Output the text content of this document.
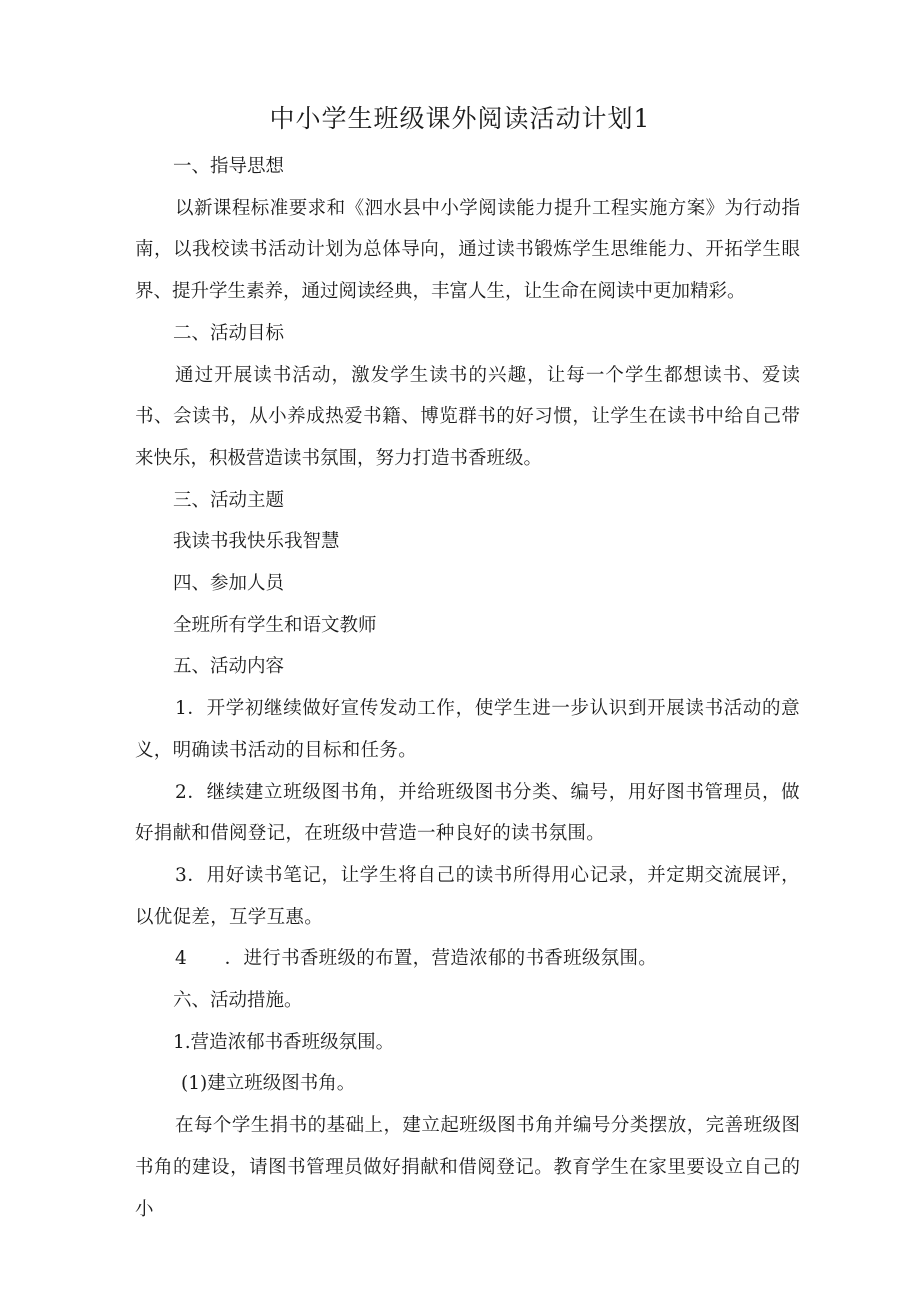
中小学生班级课外阅读活动计划1

一、指导思想

以新课程标准要求和《泗水县中小学阅读能力提升工程实施方案》为行动指南，以我校读书活动计划为总体导向，通过读书锻炼学生思维能力、开拓学生眼界、提升学生素养，通过阅读经典，丰富人生，让生命在阅读中更加精彩。

二、活动目标

通过开展读书活动，激发学生读书的兴趣，让每一个学生都想读书、爱读书、会读书，从小养成热爱书籍、博览群书的好习惯，让学生在读书中给自己带来快乐，积极营造读书氛围，努力打造书香班级。

三、活动主题

我读书我快乐我智慧

四、参加人员

全班所有学生和语文教师

五、活动内容

1．开学初继续做好宣传发动工作，使学生进一步认识到开展读书活动的意义，明确读书活动的目标和任务。

2．继续建立班级图书角，并给班级图书分类、编号，用好图书管理员，做好捐献和借阅登记，在班级中营造一种良好的读书氛围。

3．用好读书笔记，让学生将自己的读书所得用心记录，并定期交流展评，以优促差，互学互惠。

4　　．进行书香班级的布置，营造浓郁的书香班级氛围。

六、活动措施。

1.营造浓郁书香班级氛围。

(1)建立班级图书角。

在每个学生捐书的基础上，建立起班级图书角并编号分类摆放，完善班级图书角的建设，请图书管理员做好捐献和借阅登记。教育学生在家里要设立自己的小
